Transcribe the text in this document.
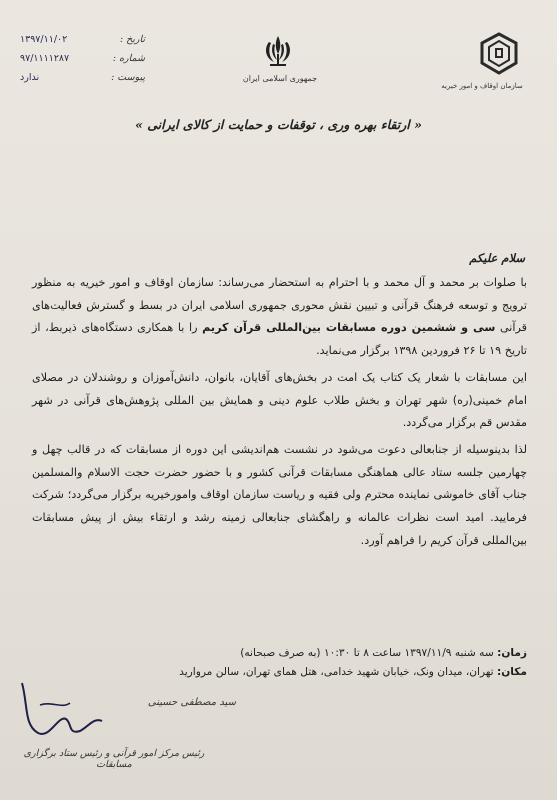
تاریخ :
۱۳۹۷/۱۱/۰۲
شماره :
۹۷/۱۱۱۱۲۸۷
پیوست :
ندارد	جمهوری اسلامی ایران
سازمان اوقاف و امور خیریه
« ارتقاء بهره وری ، توقفات و حمایت از کالای ایرانی »
سلام علیکم

با صلوات بر محمد و آل محمد و با احترام به استحضار می‌رساند: سازمان اوقاف و امور خیریه به منظور ترویج و توسعه فرهنگ قرآنی و تبیین نقش محوری جمهوری اسلامی ایران در بسط و گسترش فعالیت‌های قرآنی سی و ششمین دوره مسابقات بین‌المللی قرآن کریم را با همکاری دستگاه‌های ذیربط، از تاریخ ۱۹ تا ۲۶ فروردین ۱۳۹۸ برگزار می‌نماید.

این مسابقات با شعار یک کتاب یک امت در بخش‌های آقایان، بانوان، دانش‌آموزان و روشندلان در مصلای امام خمینی(ره) شهر تهران و بخش طلاب علوم دینی و همایش بین المللی پژوهش‌های قرآنی در شهر مقدس قم برگزار می‌گردد.

لذا بدینوسیله از جنابعالی دعوت می‌شود در نشست هم‌اندیشی این دوره از مسابقات که در قالب چهل و چهارمین جلسه ستاد عالی هماهنگی مسابقات قرآنی کشور و با حضور حضرت حجت الاسلام والمسلمین جناب آقای خاموشی نماینده محترم ولی فقیه و ریاست سازمان اوقاف وامورخیریه برگزار می‌گردد؛ شرکت فرمایید. امید است نظرات عالمانه و راهگشای جنابعالی زمینه رشد و ارتقاء بیش از پیش مسابقات بین‌المللی قرآن کریم را فراهم آورد.

زمان: سه شنبه ۱۳۹۷/۱۱/۹ ساعت ۸ تا ۱۰:۳۰ (به صرف صبحانه)
مکان: تهران، میدان ونک، خیابان شهید خدامی، هتل همای تهران، سالن مروارید
سید مصطفی حسینی
رئیس مرکز امور قرآنی و رئیس ستاد برگزاری مسابقات
